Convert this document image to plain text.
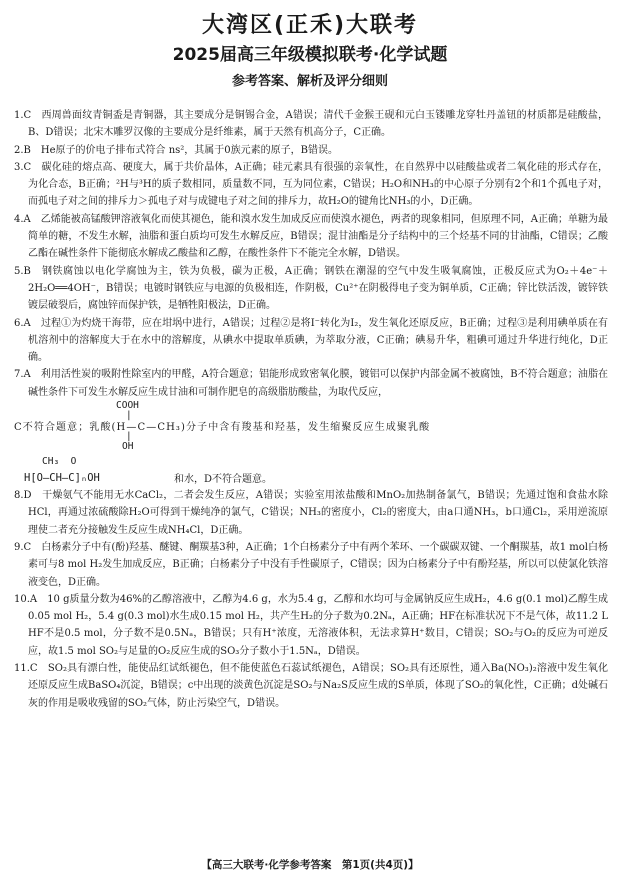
大湾区(正禾)大联考
2025届高三年级模拟联考·化学试题
参考答案、解析及评分细则

1.C　西周兽面纹青铜盉是青铜器，其主要成分是铜锡合金，A错误；清代千金猴王砚和元白玉镂雕龙穿牡丹盖钮的材质都是硅酸盐，B、D错误；北宋木雕罗汉像的主要成分是纤维素，属于天然有机高分子，C正确。

2.B　He原子的价电子排布式符合 ns²，其属于0族元素的原子，B错误。

3.C　碳化硅的熔点高、硬度大，属于共价晶体，A正确；硅元素具有很强的亲氧性，在自然界中以硅酸盐或者二氧化硅的形式存在，为化合态，B正确；²H与³H的质子数相同，质量数不同，互为同位素，C错误；H₂O和NH₃的中心原子分别有2个和1个孤电子对，而孤电子对之间的排斥力＞孤电子对与成键电子对之间的排斥力，故H₂O的键角比NH₃的小，D正确。

4.A　乙烯能被高锰酸钾溶液氧化而使其褪色，能和溴水发生加成反应而使溴水褪色，两者的现象相同，但原理不同，A正确；单糖为最简单的糖，不发生水解，油脂和蛋白质均可发生水解反应，B错误；混甘油酯是分子结构中的三个烃基不同的甘油酯，C错误；乙酸乙酯在碱性条件下能彻底水解成乙酸盐和乙醇，在酸性条件下不能完全水解，D错误。

5.B　钢铁腐蚀以电化学腐蚀为主，铁为负极，碳为正极，A正确；钢铁在潮湿的空气中发生吸氧腐蚀，正极反应式为O₂＋4e⁻＋2H₂O══4OH⁻，B错误；电镀时钢铁应与电源的负极相连，作阴极，Cu²⁺在阴极得电子变为铜单质，C正确；锌比铁活泼，镀锌铁镀层破裂后，腐蚀锌而保护铁，是牺牲阳极法，D正确。

6.A　过程①为灼烧干海带，应在坩埚中进行，A错误；过程②是将I⁻转化为I₂，发生氧化还原反应，B正确；过程③是利用碘单质在有机溶剂中的溶解度大于在水中的溶解度，从碘水中提取单质碘，为萃取分液，C正确；碘易升华，粗碘可通过升华进行纯化，D正确。

7.A　利用活性炭的吸附性除室内的甲醛，A符合题意；铝能形成致密氧化膜，镀铝可以保护内部金属不被腐蚀，B不符合题意；油脂在碱性条件下可发生水解反应生成甘油和可制作肥皂的高级脂肪酸盐，为取代反应，

COOH
|
C不符合题意；乳酸(H—C—CH₃)分子中含有羧基和羟基，发生缩聚反应生成聚乳酸
|
OH
CH₃  O
H[O—CH—C]ₙOH	和水，D不符合题意。

8.D　干燥氨气不能用无水CaCl₂，二者会发生反应，A错误；实验室用浓盐酸和MnO₂加热制备氯气，B错误；先通过饱和食盐水除HCl，再通过浓硫酸除H₂O可得到干燥纯净的氯气，C错误；NH₃的密度小，Cl₂的密度大，由a口通NH₃，b口通Cl₂，采用逆流原理使二者充分接触发生反应生成NH₄Cl，D正确。

9.C　白杨素分子中有(酚)羟基、醚键、酮羰基3种，A正确；1个白杨素分子中有两个苯环、一个碳碳双键、一个酮羰基，故1 mol白杨素可与8 mol H₂发生加成反应，B正确；白杨素分子中没有手性碳原子，C错误；因为白杨素分子中有酚羟基，所以可以使氯化铁溶液变色，D正确。

10.A　10 g质量分数为46%的乙醇溶液中，乙醇为4.6 g，水为5.4 g，乙醇和水均可与金属钠反应生成H₂，4.6 g(0.1 mol)乙醇生成0.05 mol H₂，5.4 g(0.3 mol)水生成0.15 mol H₂，共产生H₂的分子数为0.2Nₐ，A正确；HF在标准状况下不是气体，故11.2 L HF不是0.5 mol，分子数不是0.5Nₐ，B错误；只有H⁺浓度，无溶液体积，无法求算H⁺数目，C错误；SO₂与O₂的反应为可逆反应，故1.5 mol SO₂与足量的O₂反应生成的SO₃分子数小于1.5Nₐ，D错误。

11.C　SO₂具有漂白性，能使品红试纸褪色，但不能使蓝色石蕊试纸褪色，A错误；SO₂具有还原性，通入Ba(NO₃)₂溶液中发生氧化还原反应生成BaSO₄沉淀，B错误；c中出现的淡黄色沉淀是SO₂与Na₂S反应生成的S单质，体现了SO₂的氧化性，C正确；d处碱石灰的作用是吸收残留的SO₂气体，防止污染空气，D错误。

【高三大联考·化学参考答案　第1页(共4页)】
